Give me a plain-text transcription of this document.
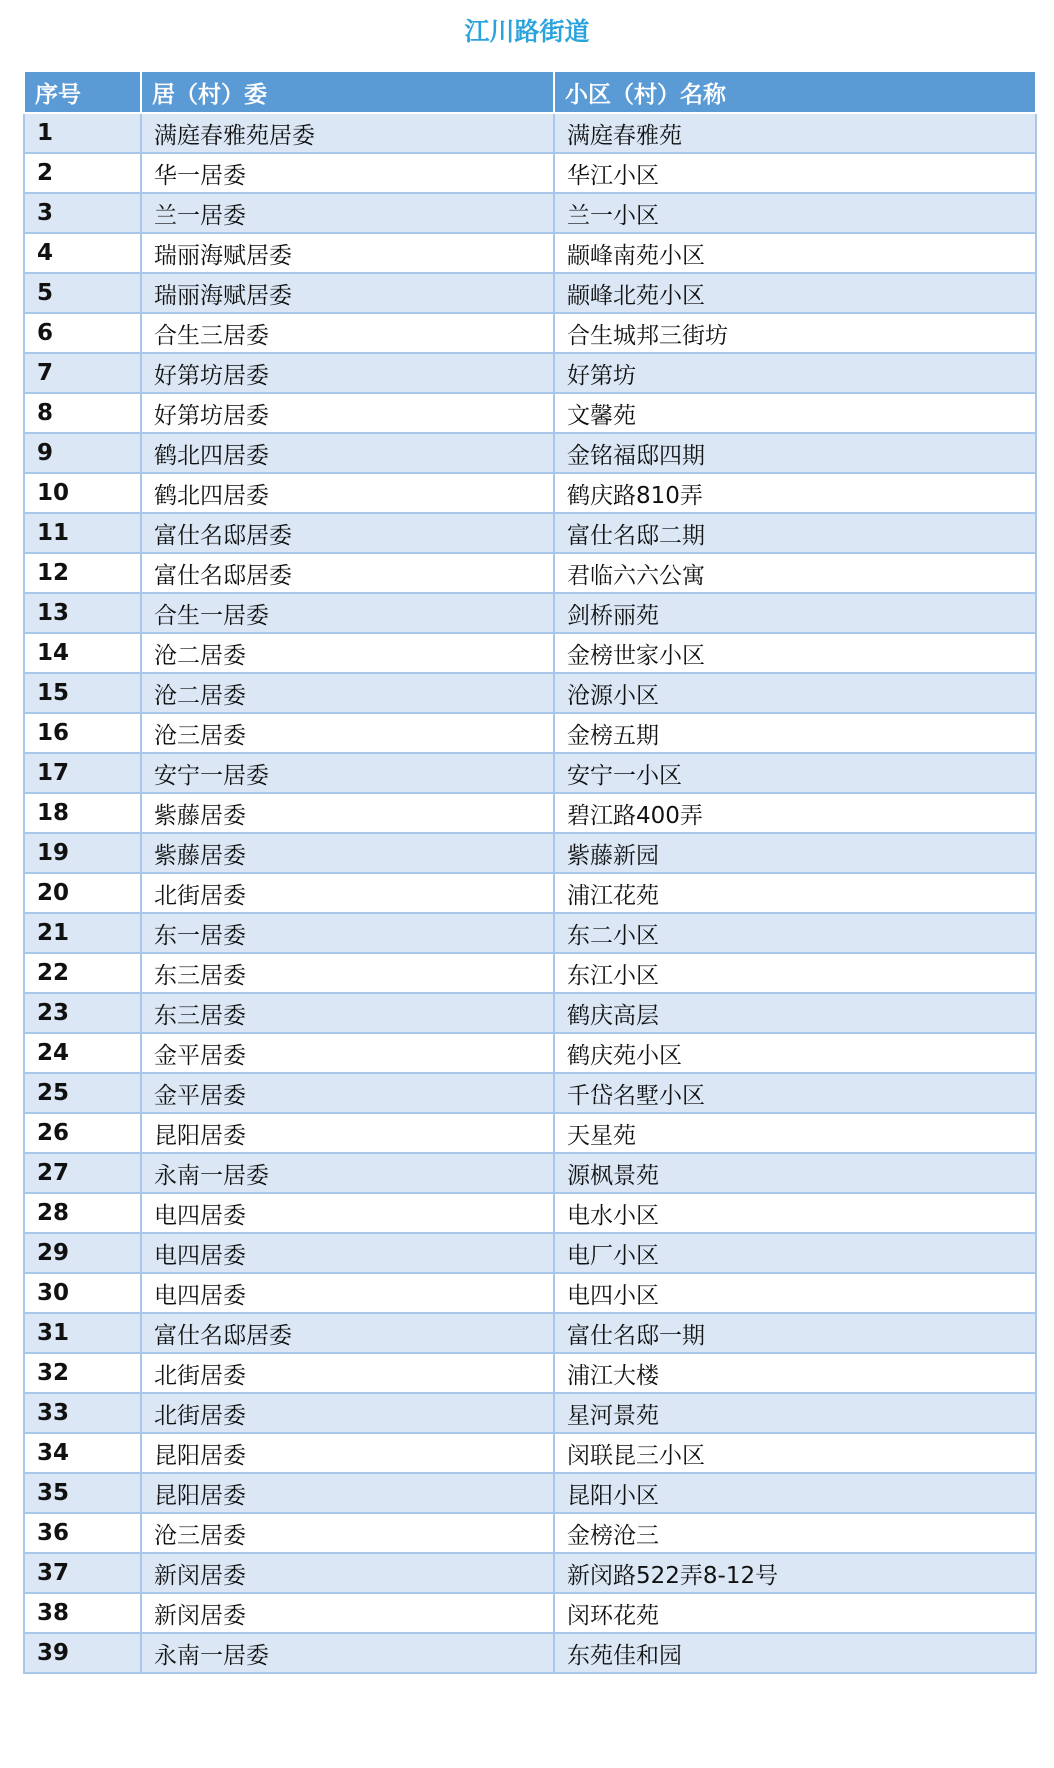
江川路街道
序号	居（村）委	小区（村）名称
1	满庭春雅苑居委	满庭春雅苑
2	华一居委	华江小区
3	兰一居委	兰一小区
4	瑞丽海赋居委	颛峰南苑小区
5	瑞丽海赋居委	颛峰北苑小区
6	合生三居委	合生城邦三街坊
7	好第坊居委	好第坊
8	好第坊居委	文馨苑
9	鹤北四居委	金铭福邸四期
10	鹤北四居委	鹤庆路810弄
11	富仕名邸居委	富仕名邸二期
12	富仕名邸居委	君临六六公寓
13	合生一居委	剑桥丽苑
14	沧二居委	金榜世家小区
15	沧二居委	沧源小区
16	沧三居委	金榜五期
17	安宁一居委	安宁一小区
18	紫藤居委	碧江路400弄
19	紫藤居委	紫藤新园
20	北街居委	浦江花苑
21	东一居委	东二小区
22	东三居委	东江小区
23	东三居委	鹤庆高层
24	金平居委	鹤庆苑小区
25	金平居委	千岱名墅小区
26	昆阳居委	天星苑
27	永南一居委	源枫景苑
28	电四居委	电水小区
29	电四居委	电厂小区
30	电四居委	电四小区
31	富仕名邸居委	富仕名邸一期
32	北街居委	浦江大楼
33	北街居委	星河景苑
34	昆阳居委	闵联昆三小区
35	昆阳居委	昆阳小区
36	沧三居委	金榜沧三
37	新闵居委	新闵路522弄8-12号
38	新闵居委	闵环花苑
39	永南一居委	东苑佳和园
